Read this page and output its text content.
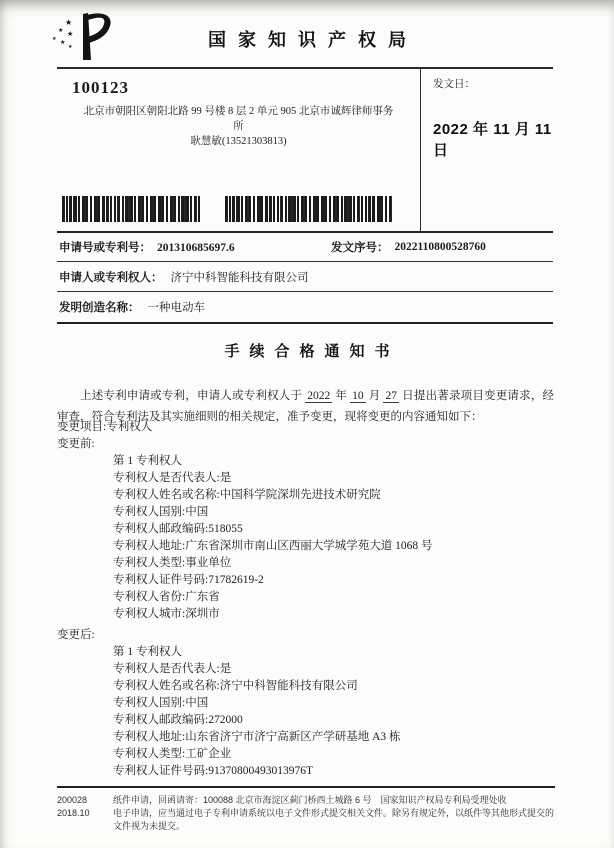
★
★ ★
★
★
★	国家知识产权局
100123
北京市朝阳区朝阳北路 99 号楼 8 层 2 单元 905 北京市诚辉律师事务
所
耿慧敏(13521303813)
发文日：
2022 年 11 月 11 日
申请号或专利号： 201310685697.6	发文序号： 2022110800528760
申请人或专利权人： 济宁中科智能科技有限公司
发明创造名称： 一种电动车
手续合格通知书

上述专利申请或专利，申请人或专利权人于 2022 年 10 月 27 日提出著录项目变更请求，经审查，符合专利法及其实施细则的相关规定，准予变更，现将变更的内容通知如下：

变更项目:专利权人
变更前:
第 1 专利权人
专利权人是否代表人:是
专利权人姓名或名称:中国科学院深圳先进技术研究院
专利权人国别:中国
专利权人邮政编码:518055
专利权人地址:广东省深圳市南山区西丽大学城学苑大道 1068 号
专利权人类型:事业单位
专利权人证件号码:71782619-2
专利权人省份:广东省
专利权人城市:深圳市
变更后:
第 1 专利权人
专利权人是否代表人:是
专利权人姓名或名称:济宁中科智能科技有限公司
专利权人国别:中国
专利权人邮政编码:272000
专利权人地址:山东省济宁市济宁高新区产学研基地 A3 栋
专利权人类型:工矿企业
专利权人证件号码:91370800493013976T
200028
2018.10
纸件申请，回函请寄：100088 北京市海淀区蓟门桥西土城路 6 号　国家知识产权局专利局受理处收
电子申请，应当通过电子专利申请系统以电子文件形式提交相关文件。除另有规定外，以纸件等其他形式提交的文件视为未提交。
